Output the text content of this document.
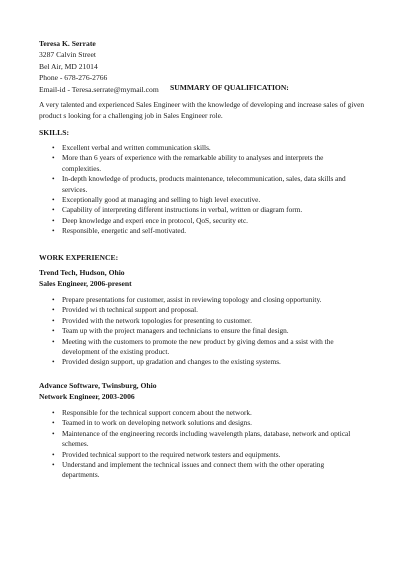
Teresa K. Serrate
3287 Calvin Street
Bel Air, MD 21014
Phone - 678-276-2766
Email-id - Teresa.serrate@mymail.com SUMMARY OF QUALIFICATION:

A very talented and experienced Sales Engineer with the knowledge of developing and increase sales of given product s looking for a challenging job in Sales Engineer role.

SKILLS:
• Excellent verbal and written communication skills.
• More than 6 years of experience with the remarkable ability to analyses and interprets the complexities.
• In-depth knowledge of products, products maintenance, telecommunication, sales, data skills and services.
• Exceptionally good at managing and selling to high level executive.
• Capability of interpreting different instructions in verbal, written or diagram form.
• Deep knowledge and experi ence in protocol, QoS, security etc.
• Responsible, energetic and self-motivated.
WORK EXPERIENCE:
Trend Tech, Hudson, Ohio
Sales Engineer, 2006-present
• Prepare presentations for customer, assist in reviewing topology and closing opportunity.
• Provided wi th technical support and proposal.
• Provided with the network topologies for presenting to customer.
• Team up with the project managers and technicians to ensure the final design.
• Meeting with the customers to promote the new product by giving demos and a ssist with the development of the existing product.
• Provided design support, up gradation and changes to the existing systems.
Advance Software, Twinsburg, Ohio
Network Engineer, 2003-2006
• Responsible for the technical support concern about the network.
• Teamed in to work on developing network solutions and designs.
• Maintenance of the engineering records including wavelength plans, database, network and optical schemes.
• Provided technical support to the required network testers and equipments.
• Understand and implement the technical issues and connect them with the other operating departments.
